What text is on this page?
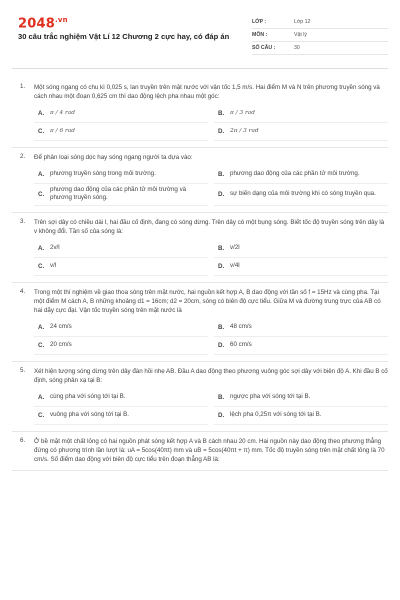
$2048^{.vn}$
30 câu trắc nghiệm Vật Lí 12 Chương 2 cực hay, có đáp án
LỚP :	Lớp 12
MÔN :	Vật lý
SỐ CÂU :	30
1.	Một sóng ngang có chu kì 0,025 s, lan truyền trên mặt nước với vận tốc 1,5 m/s. Hai điểm M và N trên phương truyền sóng và cách nhau một đoạn 0,625 cm thì dao động lệch pha nhau một góc:
A.	π / 4 rad	B.	π / 3 rad
C.	π / 6 rad	D.	2π / 3 rad
2.	Để phân loại sóng dọc hay sóng ngang người ta dựa vào:
A. phương truyền sóng trong môi trường.	B. phương dao động của các phần tử môi trường.
C.
phương dao động của các phần tử môi trường và phương truyền sóng.	D. sự biến dạng của môi trường khi có sóng truyền qua.
3.	Trên sợi dây có chiều dài l, hai đầu cố định, đang có sóng dừng. Trên dây có một bụng sóng. Biết tốc độ truyền sóng trên dây là v không đổi. Tần số của sóng là:
A. 2v/l	B. v/2l
C. v/l	D. v/4l
4.	Trong một thí nghiệm về giao thoa sóng trên mặt nước, hai nguồn kết hợp A, B dao động với tần số f = 15Hz và cùng pha. Tại một điểm M cách A, B những khoảng d1 = 16cm; d2 = 20cm, sóng có biên độ cực tiểu. Giữa M và đường trung trực của AB có hai dãy cực đại. Vận tốc truyền sóng trên mặt nước là
A. 24 cm/s	B. 48 cm/s
C. 20 cm/s	D. 60 cm/s
5.	Xét hiện tượng sóng dừng trên dây đàn hồi nhẹ AB. Đầu A dao động theo phương vuông góc sợi dây với biên độ A. Khi đầu B cố định, sóng phản xạ tại B:
A. cùng pha với sóng tới tại B.	B. ngược pha với sóng tới tại B.
C. vuông pha với sóng tới tại B.	D. lệch pha 0,25π với sóng tới tại B.
6.	Ở bề mặt một chất lỏng có hai nguồn phát sóng kết hợp A và B cách nhau 20 cm. Hai nguồn này dao động theo phương thẳng đứng có phương trình lần lượt là: uA = 5cos(40πt) mm và uB = 5cos(40πt + π) mm. Tốc độ truyền sóng trên mặt chất lỏng là 70 cm/s. Số điểm dao động với biên độ cực tiểu trên đoạn thẳng AB là:
